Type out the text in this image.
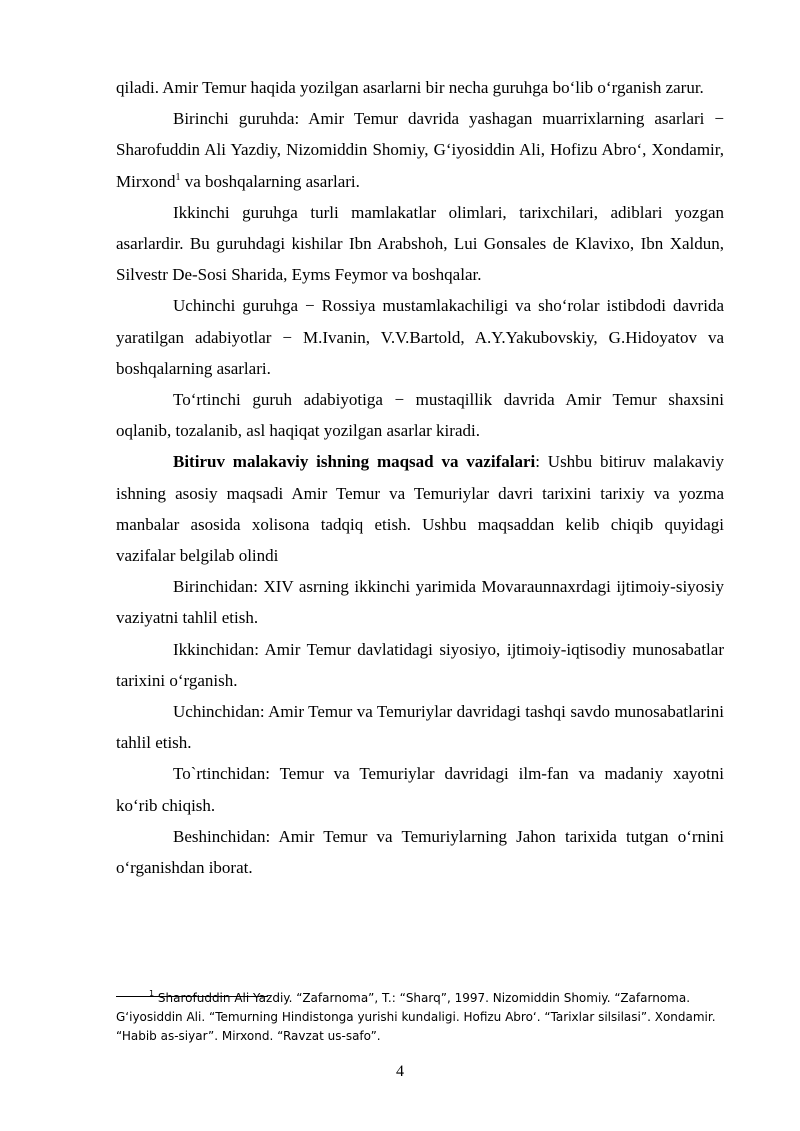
qiladi. Amir Temur haqida yozilgan asarlarni bir necha guruhga bo‘lib o‘rganish zarur.

Birinchi guruhda: Amir Temur davrida yashagan muarrixlarning asarlari − Sharofuddin Ali Yazdiy, Nizomiddin Shomiy, G‘iyosiddin Ali, Hofizu Abro‘, Xondamir, Mirxond$^1$ va boshqalarning asarlari.

Ikkinchi guruhga turli mamlakatlar olimlari, tarixchilari, adiblari yozgan asarlardir. Bu guruhdagi kishilar Ibn Arabshoh, Lui Gonsales de Klavixo, Ibn Xaldun, Silvestr De-Sosi Sharida, Eyms Feymor va boshqalar.

Uchinchi guruhga − Rossiya mustamlakachiligi va sho‘rolar istibdodi davrida yaratilgan adabiyotlar − M.Ivanin, V.V.Bartold, A.Y.Yakubovskiy, G.Hidoyatov va boshqalarning asarlari.

To‘rtinchi guruh adabiyotiga − mustaqillik davrida Amir Temur shaxsini oqlanib, tozalanib, asl haqiqat yozilgan asarlar kiradi.

Bitiruv malakaviy ishning maqsad va vazifalari: Ushbu bitiruv malakaviy ishning asosiy maqsadi Amir Temur va Temuriylar davri tarixini tarixiy va yozma manbalar asosida xolisona tadqiq etish. Ushbu maqsaddan kelib chiqib quyidagi vazifalar belgilab olindi

Birinchidan: XIV asrning ikkinchi yarimida Movaraunnaxrdagi ijtimoiy-siyosiy vaziyatni tahlil etish.

Ikkinchidan: Amir Temur davlatidagi siyosiyo, ijtimoiy-iqtisodiy munosabatlar tarixini o‘rganish.

Uchinchidan: Amir Temur va Temuriylar davridagi tashqi savdo munosabatlarini tahlil etish.

To`rtinchidan: Temur va Temuriylar davridagi ilm-fan va madaniy xayotni ko‘rib chiqish.

Beshinchidan: Amir Temur va Temuriylarning Jahon tarixida tutgan o‘rnini o‘rganishdan iborat.

$^1$ Sharofuddin Ali Yazdiy. “Zafarnoma”, T.: “Sharq”, 1997. Nizomiddin Shomiy. “Zafarnoma. G‘iyosiddin Ali. “Temurning Hindistonga yurishi kundaligi. Hofizu Abro‘. “Tarixlar silsilasi”. Xondamir. “Habib as-siyar”. Mirxond. “Ravzat us-safo”.

4
